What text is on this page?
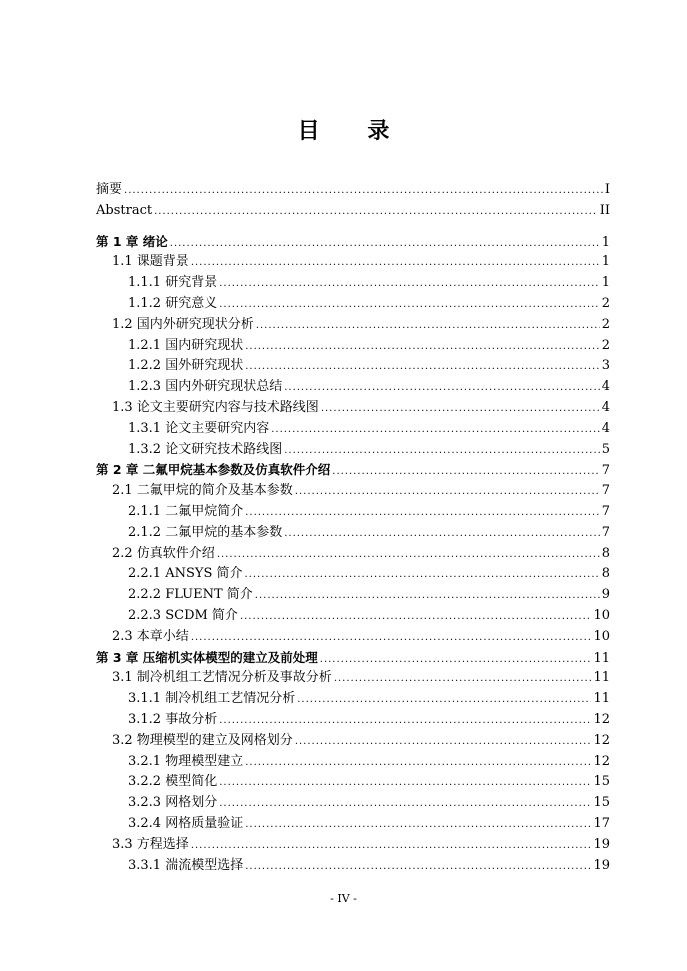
目 录
摘要 .....	I
Abstract .....	II
第 1 章 绪论 .....	1
1.1 课题背景 .....	1
1.1.1 研究背景 .....	1
1.1.2 研究意义 .....	2
1.2 国内外研究现状分析 .....	2
1.2.1 国内研究现状 .....	2
1.2.2 国外研究现状 .....	3
1.2.3 国内外研究现状总结 .....	4
1.3 论文主要研究内容与技术路线图 .....	4
1.3.1 论文主要研究内容 .....	4
1.3.2 论文研究技术路线图 .....	5
第 2 章 二氟甲烷基本参数及仿真软件介绍 .....	7
2.1 二氟甲烷的简介及基本参数 .....	7
2.1.1 二氟甲烷简介 .....	7
2.1.2 二氟甲烷的基本参数 .....	7
2.2 仿真软件介绍 .....	8
2.2.1 ANSYS 简介 .....	8
2.2.2 FLUENT 简介 .....	9
2.2.3 SCDM 简介 .....	10
2.3 本章小结 .....	10
第 3 章 压缩机实体模型的建立及前处理 .....	11
3.1 制冷机组工艺情况分析及事故分析 .....	11
3.1.1 制冷机组工艺情况分析 .....	11
3.1.2 事故分析 .....	12
3.2 物理模型的建立及网格划分 .....	12
3.2.1 物理模型建立 .....	12
3.2.2 模型简化 .....	15
3.2.3 网格划分 .....	15
3.2.4 网格质量验证 .....	17
3.3 方程选择 .....	19
3.3.1 湍流模型选择 .....	19
- IV -
